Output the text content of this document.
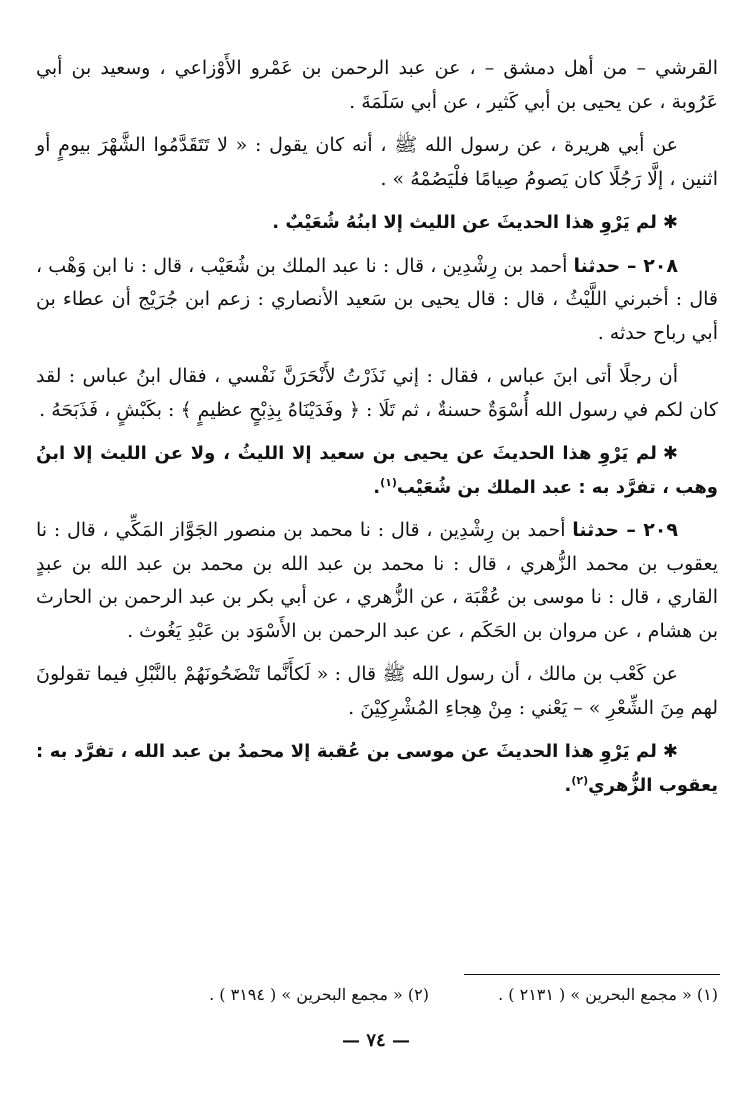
القرشي – من أهل دمشق – ، عن عبد الرحمن بن عَمْرو الأَوْزاعي ، وسعيد بن أبي عَرُوبة ، عن يحيى بن أبي كَثير ، عن أبي سَلَمَةَ .

عن أبي هريرة ، عن رسول الله ﷺ ، أنه كان يقول : « لا تَتَقَدَّمُوا الشَّهْرَ بيومٍ أو اثنين ، إلَّا رَجُلًا كان يَصومُ صِيامًا فلْيَصُمْهُ » .

✱لم يَرْوِ هذا الحديثَ عن الليث إلا ابنُهُ شُعَيْبٌ .

٢٠٨ – حدثنا أحمد بن رِشْدِين ، قال : نا عبد الملك بن شُعَيْب ، قال : نا ابن وَهْب ، قال : أخبرني اللَّيْثُ ، قال : قال يحيى بن سَعيد الأنصاري : زعم ابن جُرَيْج أن عطاء بن أبي رباح حدثه .

أن رجلًا أتى ابنَ عباس ، فقال : إني نَذَرْتُ لأَنْحَرَنَّ نَفْسي ، فقال ابنُ عباس : لقد كان لكم في رسول الله أُسْوَةٌ حسنةٌ ، ثم تَلَا : ﴿ وفَدَيْنَاهُ بِذِبْحٍ عظيمٍ ﴾ : بكَبْشٍ ، فَذَبَحَهُ .

✱لم يَرْوِ هذا الحديثَ عن يحيى بن سعيد إلا الليثُ ، ولا عن الليث إلا ابنُ وهب ، تفرَّد به : عبد الملك بن شُعَيْب$^{(١)}$.

٢٠٩ – حدثنا أحمد بن رِشْدِين ، قال : نا محمد بن منصور الجَوَّاز المَكِّي ، قال : نا يعقوب بن محمد الزُّهري ، قال : نا محمد بن عبد الله بن محمد بن عبد الله بن عبدٍ القاري ، قال : نا موسى بن عُقْبَة ، عن الزُّهري ، عن أبي بكر بن عبد الرحمن بن الحارث بن هشام ، عن مروان بن الحَكَم ، عن عبد الرحمن بن الأَسْوَد بن عَبْدِ يَغُوث .

عن كَعْب بن مالك ، أن رسول الله ﷺ قال : « لَكأَنَّما تَنْضَحُونَهُمْ بالنَّبْلِ فيما تقولونَ لهم مِنَ الشِّعْرِ » – يَعْني : مِنْ هِجاءِ المُشْرِكِيْنَ .

✱لم يَرْوِ هذا الحديثَ عن موسى بن عُقبة إلا محمدُ بن عبد الله ، تفرَّد به : يعقوب الزُّهري$^{(٢)}$.

(١) « مجمع البحرين » ( ٢١٣١ ) . (٢) « مجمع البحرين » ( ٣١٩٤ ) .
— ٧٤ —
